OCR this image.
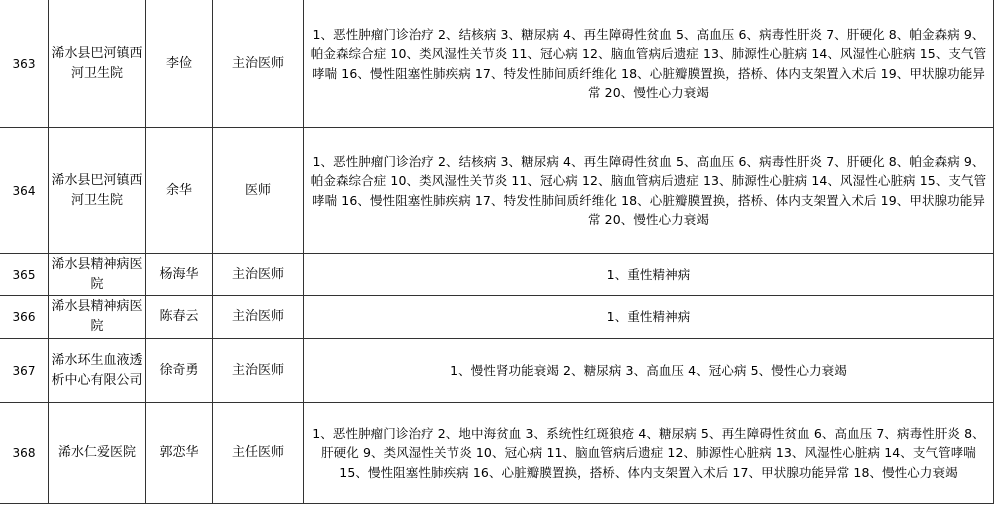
363	浠水县巴河镇西河卫生院	李俭	主治医师	1、恶性肿瘤门诊治疗 2、结核病 3、糖尿病 4、再生障碍性贫血 5、高血压 6、病毒性肝炎 7、肝硬化 8、帕金森病 9、帕金森综合症 10、类风湿性关节炎 11、冠心病 12、脑血管病后遗症 13、肺源性心脏病 14、风湿性心脏病 15、支气管哮喘 16、慢性阻塞性肺疾病 17、特发性肺间质纤维化 18、心脏瓣膜置换，搭桥、体内支架置入术后 19、甲状腺功能异常 20、慢性心力衰竭
364	浠水县巴河镇西河卫生院	余华	医师	1、恶性肿瘤门诊治疗 2、结核病 3、糖尿病 4、再生障碍性贫血 5、高血压 6、病毒性肝炎 7、肝硬化 8、帕金森病 9、帕金森综合症 10、类风湿性关节炎 11、冠心病 12、脑血管病后遗症 13、肺源性心脏病 14、风湿性心脏病 15、支气管哮喘 16、慢性阻塞性肺疾病 17、特发性肺间质纤维化 18、心脏瓣膜置换，搭桥、体内支架置入术后 19、甲状腺功能异常 20、慢性心力衰竭
365	浠水县精神病医院	杨海华	主治医师	1、重性精神病
366	浠水县精神病医院	陈春云	主治医师	1、重性精神病
367	浠水环生血液透析中心有限公司	徐奇勇	主治医师	1、慢性肾功能衰竭 2、糖尿病 3、高血压 4、冠心病 5、慢性心力衰竭
368	浠水仁爱医院	郭恋华	主任医师	1、恶性肿瘤门诊治疗 2、地中海贫血 3、系统性红斑狼疮 4、糖尿病 5、再生障碍性贫血 6、高血压 7、病毒性肝炎 8、肝硬化 9、类风湿性关节炎 10、冠心病 11、脑血管病后遗症 12、肺源性心脏病 13、风湿性心脏病 14、支气管哮喘 15、慢性阻塞性肺疾病 16、心脏瓣膜置换，搭桥、体内支架置入术后 17、甲状腺功能异常 18、慢性心力衰竭
